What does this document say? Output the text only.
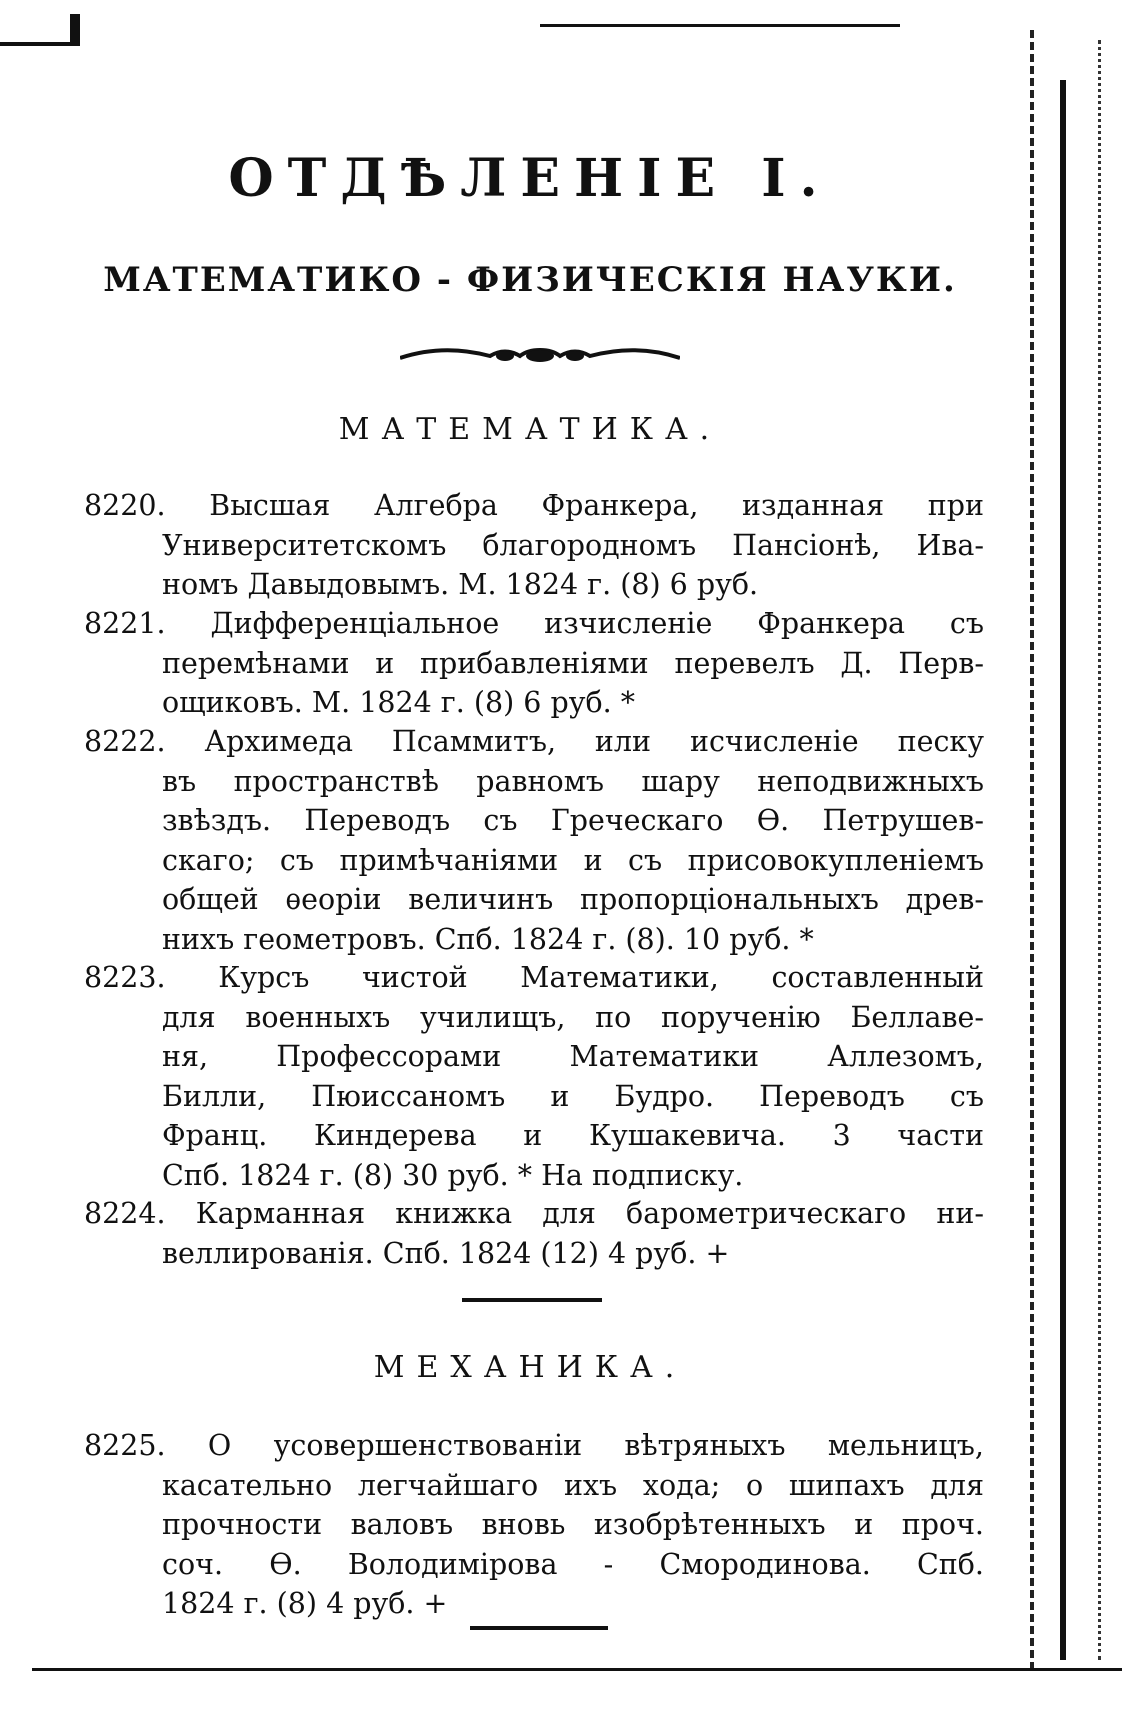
ОТДѢЛЕНІЕ I.
МАТЕМАТИКО - ФИЗИЧЕСКІЯ НАУКИ.
МАТЕМАТИКА.
8220. Высшая Алгебра Франкера, изданная при
Университетскомъ благородномъ Пансіонѣ, Ива-
номъ Давыдовымъ. М. 1824 г. (8) 6 руб.
8221. Дифференціальное изчисленіе Франкера съ
перемѣнами и прибавленіями перевелъ Д. Перв-
ощиковъ. М. 1824 г. (8) 6 руб. *
8222. Архимеда Псаммитъ, или исчисленіе песку
въ пространствѣ равномъ шару неподвижныхъ
звѣздъ. Переводъ съ Греческаго Ѳ. Петрушев-
скаго; съ примѣчаніями и съ присовокупленіемъ
общей ѳеоріи величинъ пропорціональныхъ древ-
нихъ геометровъ. Спб. 1824 г. (8). 10 руб. *
8223. Курсъ чистой Математики, составленный
для военныхъ училищъ, по порученію Беллаве-
ня, Профессорами Математики Аллезомъ,
Билли, Пюиссаномъ и Будро. Переводъ съ
Франц. Киндерева и Кушакевича. 3 части
Спб. 1824 г. (8) 30 руб. * На подписку.
8224. Карманная книжка для барометрическаго ни-
веллированія. Спб. 1824 (12) 4 руб. +
МЕХАНИКА.
8225. О усовершенствованіи вѣтряныхъ мельницъ,
касательно легчайшаго ихъ хода; о шипахъ для
прочности валовъ вновь изобрѣтенныхъ и проч.
соч. Ѳ. Володимірова - Смородинова. Спб.
1824 г. (8) 4 руб. +
